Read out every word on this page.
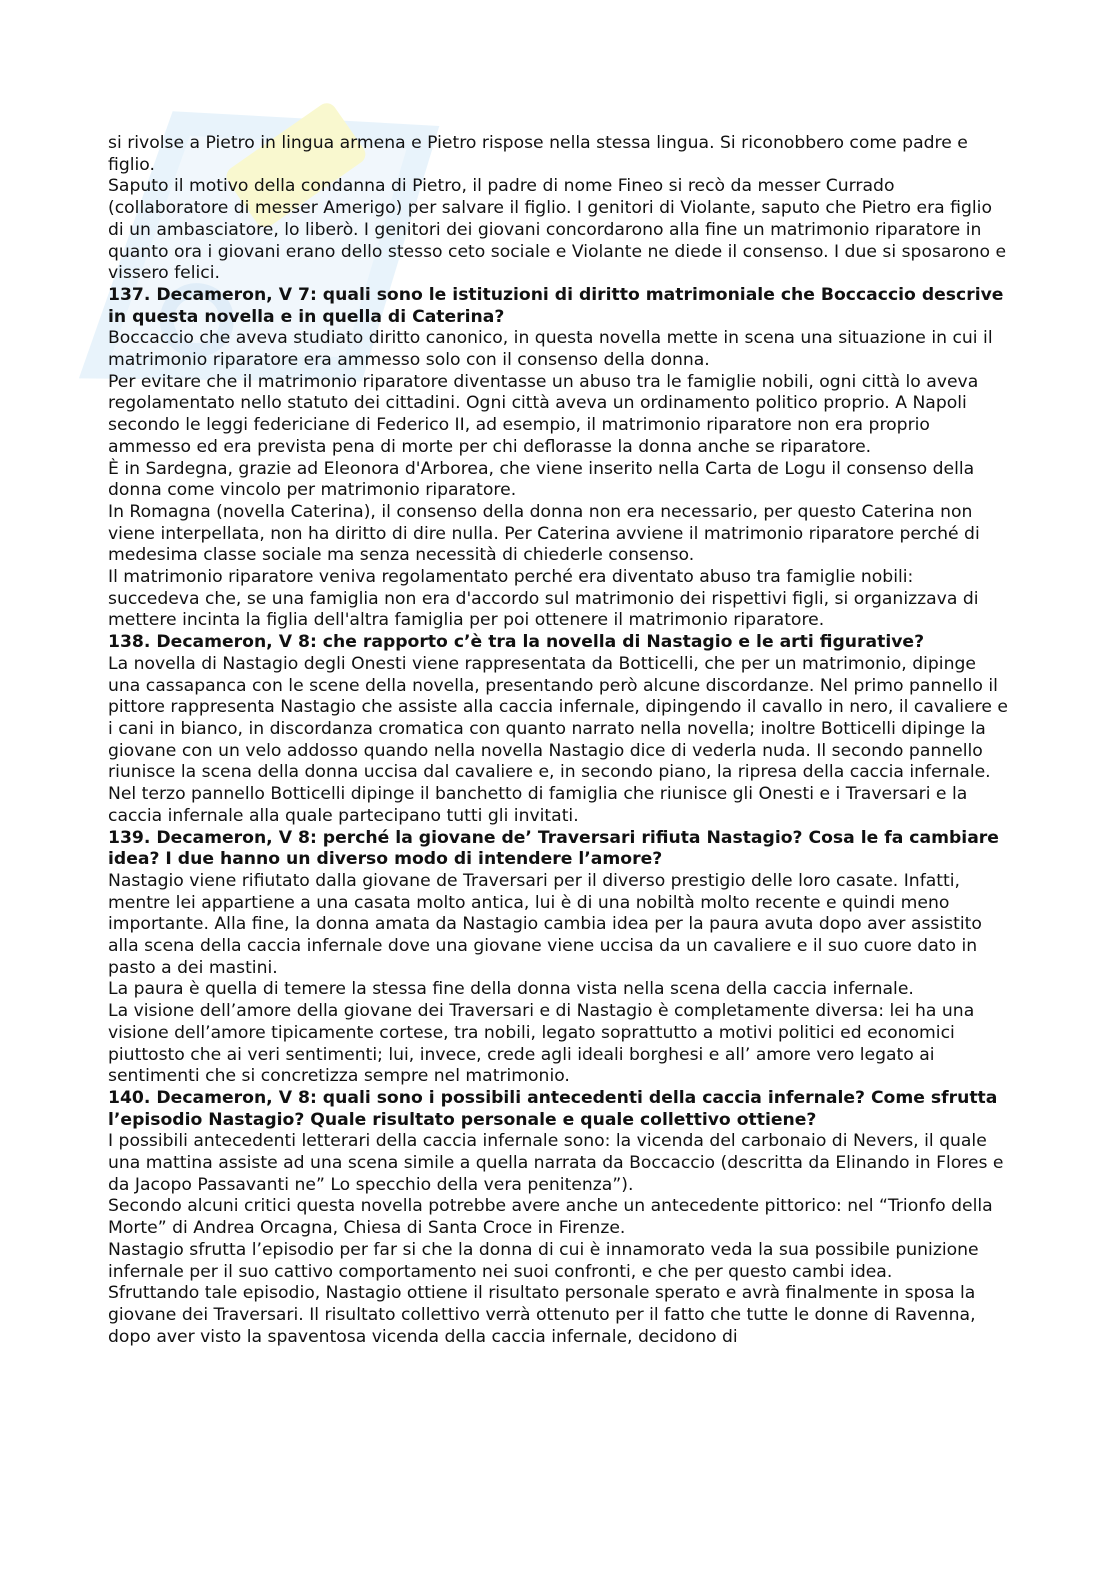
si rivolse a Pietro in lingua armena e Pietro rispose nella stessa lingua. Si riconobbero come padre e figlio.

Saputo il motivo della condanna di Pietro, il padre di nome Fineo si recò da messer Currado (collaboratore di messer Amerigo) per salvare il figlio. I genitori di Violante, saputo che Pietro era figlio di un ambasciatore, lo liberò. I genitori dei giovani concordarono alla fine un matrimonio riparatore in quanto ora i giovani erano dello stesso ceto sociale e Violante ne diede il consenso. I due si sposarono e vissero felici.

137. Decameron, V 7: quali sono le istituzioni di diritto matrimoniale che Boccaccio descrive in questa novella e in quella di Caterina?

Boccaccio che aveva studiato diritto canonico, in questa novella mette in scena una situazione in cui il matrimonio riparatore era ammesso solo con il consenso della donna.

Per evitare che il matrimonio riparatore diventasse un abuso tra le famiglie nobili, ogni città lo aveva regolamentato nello statuto dei cittadini. Ogni città aveva un ordinamento politico proprio. A Napoli secondo le leggi federiciane di Federico II, ad esempio, il matrimonio riparatore non era proprio ammesso ed era prevista pena di morte per chi deflorasse la donna anche se riparatore.

È in Sardegna, grazie ad Eleonora d'Arborea, che viene inserito nella Carta de Logu il consenso della donna come vincolo per matrimonio riparatore.

In Romagna (novella Caterina), il consenso della donna non era necessario, per questo Caterina non viene interpellata, non ha diritto di dire nulla. Per Caterina avviene il matrimonio riparatore perché di medesima classe sociale ma senza necessità di chiederle consenso.

Il matrimonio riparatore veniva regolamentato perché era diventato abuso tra famiglie nobili: succedeva che, se una famiglia non era d'accordo sul matrimonio dei rispettivi figli, si organizzava di mettere incinta la figlia dell'altra famiglia per poi ottenere il matrimonio riparatore.

138. Decameron, V 8: che rapporto c’è tra la novella di Nastagio e le arti figurative?

La novella di Nastagio degli Onesti viene rappresentata da Botticelli, che per un matrimonio, dipinge una cassapanca con le scene della novella, presentando però alcune discordanze. Nel primo pannello il pittore rappresenta Nastagio che assiste alla caccia infernale, dipingendo il cavallo in nero, il cavaliere e i cani in bianco, in discordanza cromatica con quanto narrato nella novella; inoltre Botticelli dipinge la giovane con un velo addosso quando nella novella Nastagio dice di vederla nuda. Il secondo pannello riunisce la scena della donna uccisa dal cavaliere e, in secondo piano, la ripresa della caccia infernale. Nel terzo pannello Botticelli dipinge il banchetto di famiglia che riunisce gli Onesti e i Traversari e la caccia infernale alla quale partecipano tutti gli invitati.

139. Decameron, V 8: perché la giovane de’ Traversari rifiuta Nastagio? Cosa le fa cambiare idea? I due hanno un diverso modo di intendere l’amore?

Nastagio viene rifiutato dalla giovane de Traversari per il diverso prestigio delle loro casate. Infatti, mentre lei appartiene a una casata molto antica, lui è di una nobiltà molto recente e quindi meno importante. Alla fine, la donna amata da Nastagio cambia idea per la paura avuta dopo aver assistito alla scena della caccia infernale dove una giovane viene uccisa da un cavaliere e il suo cuore dato in pasto a dei mastini.

La paura è quella di temere la stessa fine della donna vista nella scena della caccia infernale.

La visione dell’amore della giovane dei Traversari e di Nastagio è completamente diversa: lei ha una visione dell’amore tipicamente cortese, tra nobili, legato soprattutto a motivi politici ed economici piuttosto che ai veri sentimenti; lui, invece, crede agli ideali borghesi e all’ amore vero legato ai sentimenti che si concretizza sempre nel matrimonio.

140. Decameron, V 8: quali sono i possibili antecedenti della caccia infernale? Come sfrutta l’episodio Nastagio? Quale risultato personale e quale collettivo ottiene?

I possibili antecedenti letterari della caccia infernale sono: la vicenda del carbonaio di Nevers, il quale una mattina assiste ad una scena simile a quella narrata da Boccaccio (descritta da Elinando in Flores e da Jacopo Passavanti ne” Lo specchio della vera penitenza”).

Secondo alcuni critici questa novella potrebbe avere anche un antecedente pittorico: nel “Trionfo della Morte” di Andrea Orcagna, Chiesa di Santa Croce in Firenze.

Nastagio sfrutta l’episodio per far si che la donna di cui è innamorato veda la sua possibile punizione infernale per il suo cattivo comportamento nei suoi confronti, e che per questo cambi idea.

Sfruttando tale episodio, Nastagio ottiene il risultato personale sperato e avrà finalmente in sposa la giovane dei Traversari. Il risultato collettivo verrà ottenuto per il fatto che tutte le donne di Ravenna, dopo aver visto la spaventosa vicenda della caccia infernale, decidono di
